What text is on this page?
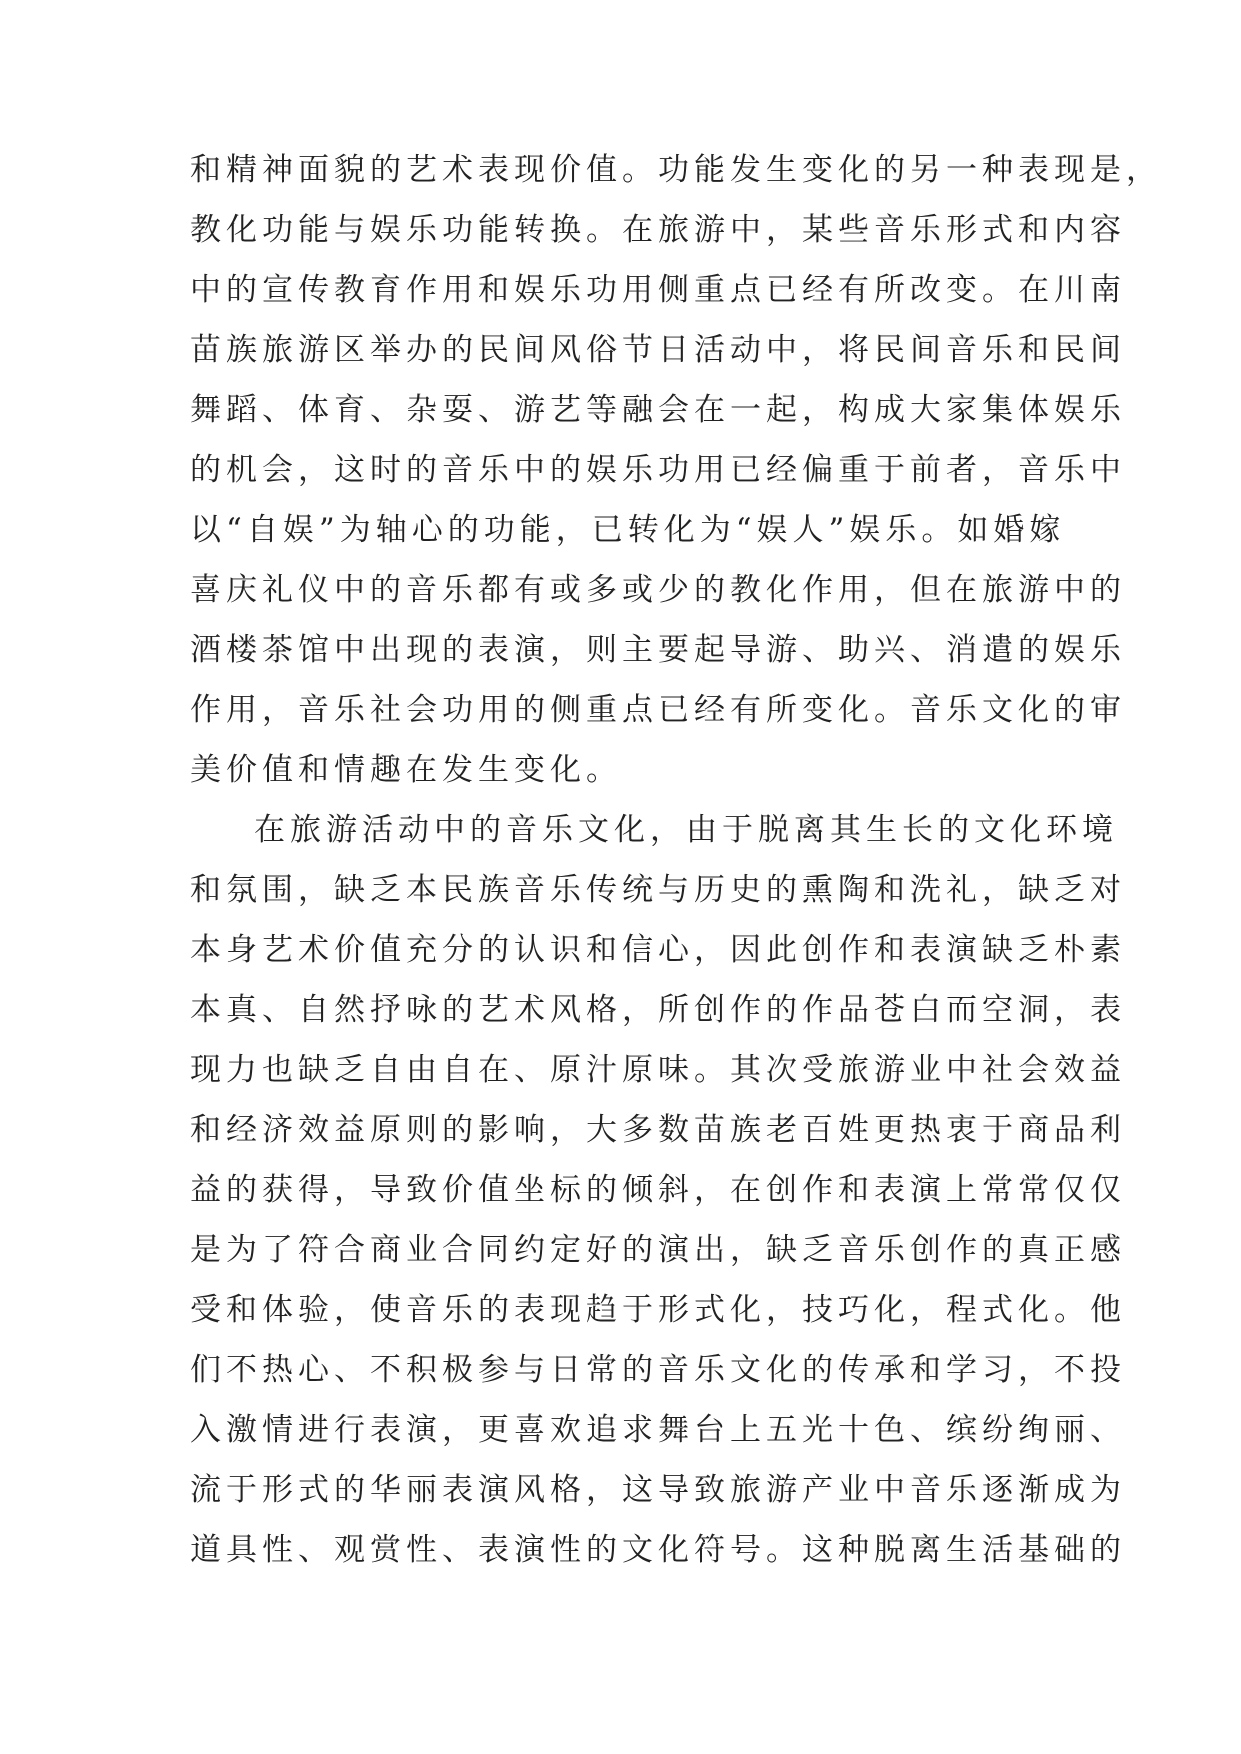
和精神面貌的艺术表现价值。功能发生变化的另一种表现是，
教化功能与娱乐功能转换。在旅游中，某些音乐形式和内容
中的宣传教育作用和娱乐功用侧重点已经有所改变。在川南
苗族旅游区举办的民间风俗节日活动中，将民间音乐和民间
舞蹈、体育、杂耍、游艺等融会在一起，构成大家集体娱乐
的机会，这时的音乐中的娱乐功用已经偏重于前者，音乐中
以“自娱”为轴心的功能，已转化为“娱人”娱乐。如婚嫁
喜庆礼仪中的音乐都有或多或少的教化作用，但在旅游中的
酒楼茶馆中出现的表演，则主要起导游、助兴、消遣的娱乐
作用，音乐社会功用的侧重点已经有所变化。音乐文化的审
美价值和情趣在发生变化。
在旅游活动中的音乐文化，由于脱离其生长的文化环境
和氛围，缺乏本民族音乐传统与历史的熏陶和洗礼，缺乏对
本身艺术价值充分的认识和信心，因此创作和表演缺乏朴素
本真、自然抒咏的艺术风格，所创作的作品苍白而空洞，表
现力也缺乏自由自在、原汁原味。其次受旅游业中社会效益
和经济效益原则的影响，大多数苗族老百姓更热衷于商品利
益的获得，导致价值坐标的倾斜，在创作和表演上常常仅仅
是为了符合商业合同约定好的演出，缺乏音乐创作的真正感
受和体验，使音乐的表现趋于形式化，技巧化，程式化。他
们不热心、不积极参与日常的音乐文化的传承和学习，不投
入激情进行表演，更喜欢追求舞台上五光十色、缤纷绚丽、
流于形式的华丽表演风格，这导致旅游产业中音乐逐渐成为
道具性、观赏性、表演性的文化符号。这种脱离生活基础的
